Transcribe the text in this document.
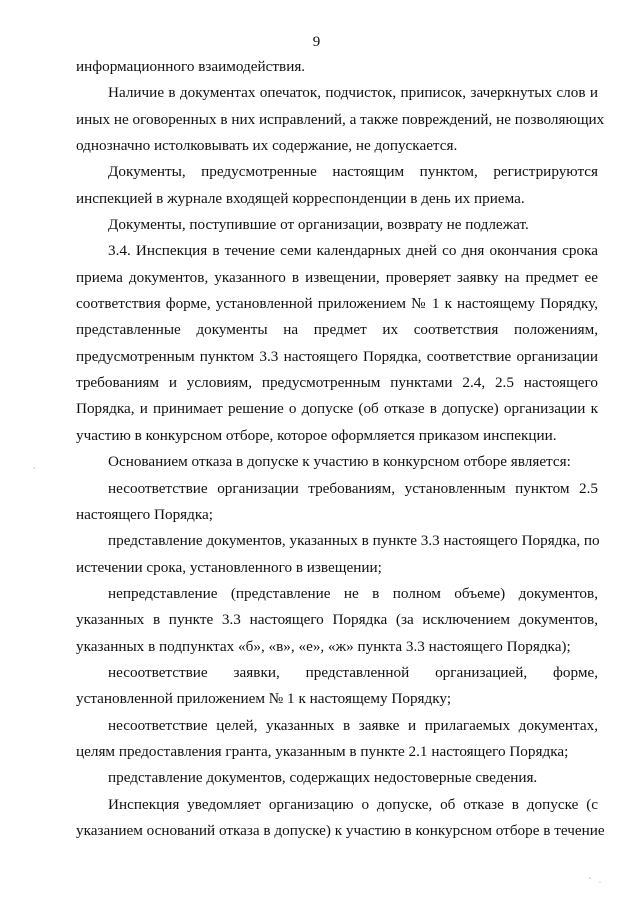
9
информационного взаимодействия.
Наличие в документах опечаток, подчисток, приписок, зачеркнутых слов и
иных не оговоренных в них исправлений, а также повреждений, не позволяющих
однозначно истолковывать их содержание, не допускается.
Документы, предусмотренные настоящим пунктом, регистрируются
инспекцией в журнале входящей корреспонденции в день их приема.
Документы, поступившие от организации, возврату не подлежат.
3.4. Инспекция в течение семи календарных дней со дня окончания срока
приема документов, указанного в извещении, проверяет заявку на предмет ее
соответствия форме, установленной приложением № 1 к настоящему Порядку,
представленные документы на предмет их соответствия положениям,
предусмотренным пунктом 3.3 настоящего Порядка, соответствие организации
требованиям и условиям, предусмотренным пунктами 2.4, 2.5 настоящего
Порядка, и принимает решение о допуске (об отказе в допуске) организации к
участию в конкурсном отборе, которое оформляется приказом инспекции.
Основанием отказа в допуске к участию в конкурсном отборе является:
несоответствие организации требованиям, установленным пунктом 2.5
настоящего Порядка;
представление документов, указанных в пункте 3.3 настоящего Порядка, по
истечении срока, установленного в извещении;
непредставление (представление не в полном объеме) документов,
указанных в пункте 3.3 настоящего Порядка (за исключением документов,
указанных в подпунктах «б», «в», «е», «ж» пункта 3.3 настоящего Порядка);
несоответствие заявки, представленной организацией, форме,
установленной приложением № 1 к настоящему Порядку;
несоответствие целей, указанных в заявке и прилагаемых документах,
целям предоставления гранта, указанным в пункте 2.1 настоящего Порядка;
представление документов, содержащих недостоверные сведения.
Инспекция уведомляет организацию о допуске, об отказе в допуске (с
указанием оснований отказа в допуске) к участию в конкурсном отборе в течение
